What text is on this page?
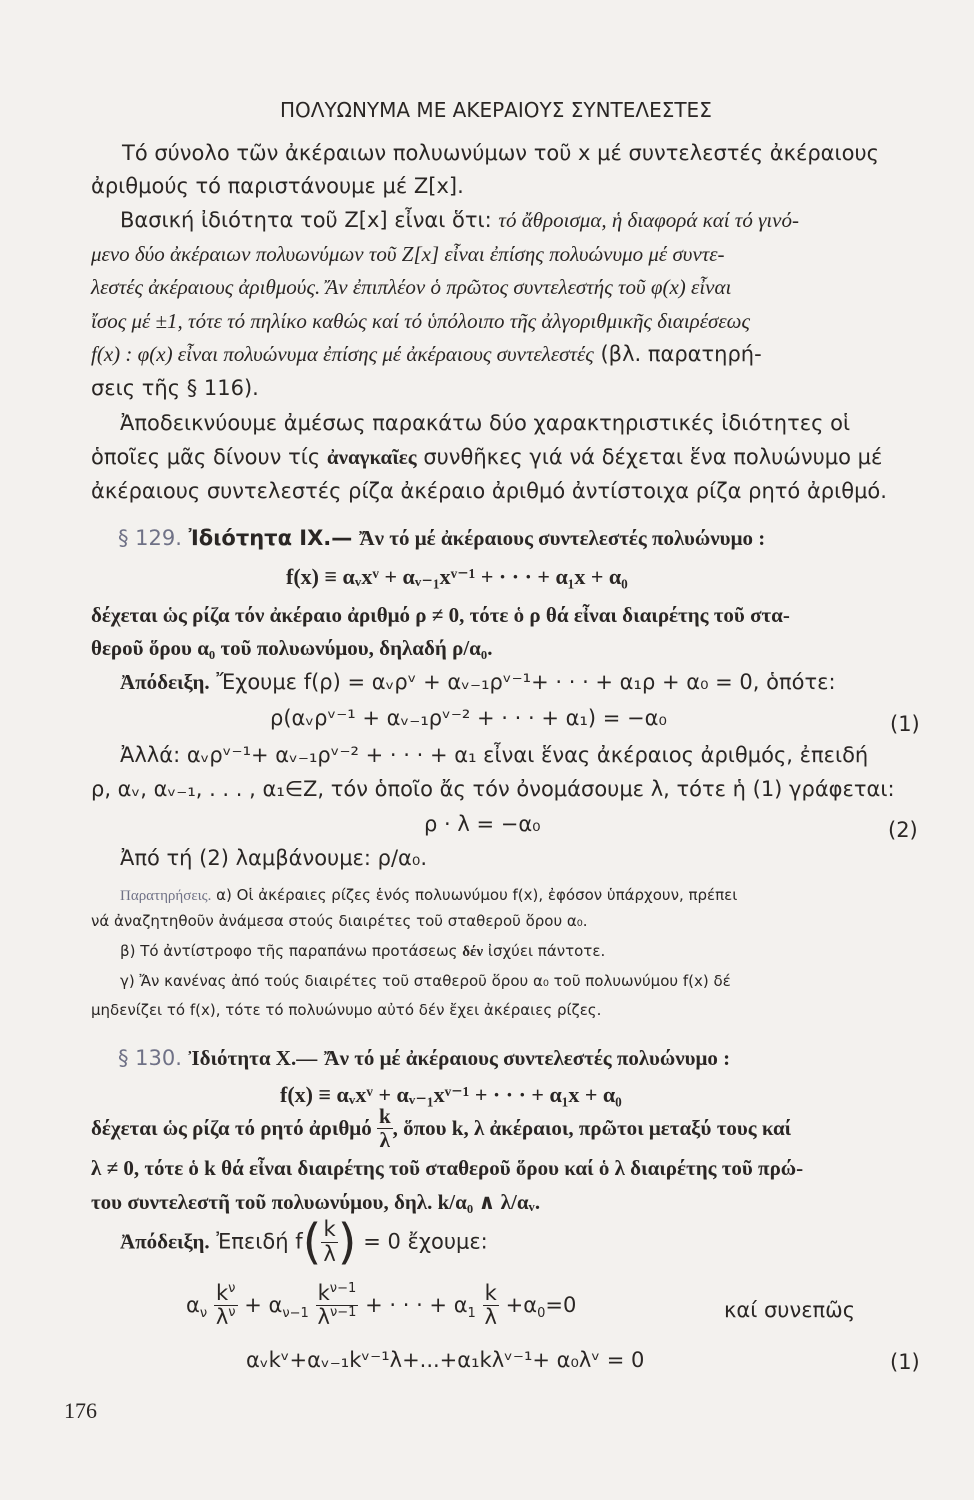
ΠΟΛΥΩΝΥΜΑ ΜΕ ΑΚΕΡΑΙΟΥΣ ΣΥΝΤΕΛΕΣΤΕΣ
Τό σύνολο τῶν ἀκέραιων πολυωνύμων τοῦ x μέ συντελεστές ἀκέραιους
ἀριθμούς τό παριστάνουμε μέ Z[x].
Βασική ἰδιότητα τοῦ Z[x] εἶναι ὅτι: τό ἄθροισμα, ἡ διαφορά καί τό γινό-
μενο δύο ἀκέραιων πολυωνύμων τοῦ Z[x] εἶναι ἐπίσης πολυώνυμο μέ συντε-
λεστές ἀκέραιους ἀριθμούς. Ἄν ἐπιπλέον ὁ πρῶτος συντελεστής τοῦ φ(x) εἶναι
ἴσος μέ ±1, τότε τό πηλίκο καθώς καί τό ὑπόλοιπο τῆς ἀλγοριθμικῆς διαιρέσεως
f(x) : φ(x) εἶναι πολυώνυμα ἐπίσης μέ ἀκέραιους συντελεστές (βλ. παρατηρή-
σεις τῆς § 116).
Ἀποδεικνύουμε ἀμέσως παρακάτω δύο χαρακτηριστικές ἰδιότητες οἱ
ὁποῖες μᾶς δίνουν τίς ἀναγκαῖες συνθῆκες γιά νά δέχεται ἕνα πολυώνυμο μέ
ἀκέραιους συντελεστές ρίζα ἀκέραιο ἀριθμό ἀντίστοιχα ρίζα ρητό ἀριθμό.
§ 129. Ἰδιότητα IX.— Ἄν τό μέ ἀκέραιους συντελεστές πολυώνυμο :
f(x) ≡ αᵥxᵛ + αᵥ₋₁xᵛ⁻¹ + · · · + α₁x + α₀
δέχεται ὡς ρίζα τόν ἀκέραιο ἀριθμό ρ ≠ 0, τότε ὁ ρ θά εἶναι διαιρέτης τοῦ στα-
θεροῦ ὅρου α₀ τοῦ πολυωνύμου, δηλαδή ρ/α₀.
Ἀπόδειξη. Ἔχουμε f(ρ) = αᵥρᵛ + αᵥ₋₁ρᵛ⁻¹+ · · · + α₁ρ + α₀ = 0, ὁπότε:
ρ(αᵥρᵛ⁻¹ + αᵥ₋₁ρᵛ⁻² + · · · + α₁) = −α₀	(1)
Ἀλλά: αᵥρᵛ⁻¹+ αᵥ₋₁ρᵛ⁻² + · · · + α₁ εἶναι ἕνας ἀκέραιος ἀριθμός, ἐπειδή
ρ, αᵥ, αᵥ₋₁, . . . , α₁∈Z, τόν ὁποῖο ἄς τόν ὀνομάσουμε λ, τότε ἡ (1) γράφεται:
ρ · λ = −α₀	(2)
Ἀπό τή (2) λαμβάνουμε: ρ/α₀.
Παρατηρήσεις. α) Οἱ ἀκέραιες ρίζες ἑνός πολυωνύμου f(x), ἐφόσον ὑπάρχουν, πρέπει
νά ἀναζητηθοῦν ἀνάμεσα στούς διαιρέτες τοῦ σταθεροῦ ὅρου α₀.
β) Τό ἀντίστροφο τῆς παραπάνω προτάσεως δέν ἰσχύει πάντοτε.
γ) Ἄν κανένας ἀπό τούς διαιρέτες τοῦ σταθεροῦ ὅρου α₀ τοῦ πολυωνύμου f(x) δέ
μηδενίζει τό f(x), τότε τό πολυώνυμο αὐτό δέν ἔχει ἀκέραιες ρίζες.
§ 130. Ἰδιότητα X.— Ἄν τό μέ ἀκέραιους συντελεστές πολυώνυμο :
f(x) ≡ αᵥxᵛ + αᵥ₋₁xᵛ⁻¹ + · · · + α₁x + α₀
δέχεται ὡς ρίζα τό ρητό ἀριθμό $\frac{k}{\lambda}$ , ὅπου k, λ ἀκέραιοι, πρῶτοι μεταξύ τους καί
λ ≠ 0, τότε ὁ k θά εἶναι διαιρέτης τοῦ σταθεροῦ ὅρου καί ὁ λ διαιρέτης τοῦ πρώ-
του συντελεστῆ τοῦ πολυωνύμου, δηλ. k/α₀ ∧ λ/αᵥ.
Ἀπόδειξη. Ἐπειδή $f( \frac{k}{\lambda}$ ) = 0 ἔχουμε:
$\alpha_\nu \frac{k^\nu}{\lambda^\nu} + \alpha_{\nu-1} \frac{k^{\nu-1}}{\lambda^{\nu-1}}$ + · · · + $\alpha_1 \frac{k}{\lambda} +\alpha_0=0$	καί συνεπῶς
αᵥkᵛ+αᵥ₋₁kᵛ⁻¹λ+...+α₁kλᵛ⁻¹+ α₀λᵛ = 0	(1)
176
